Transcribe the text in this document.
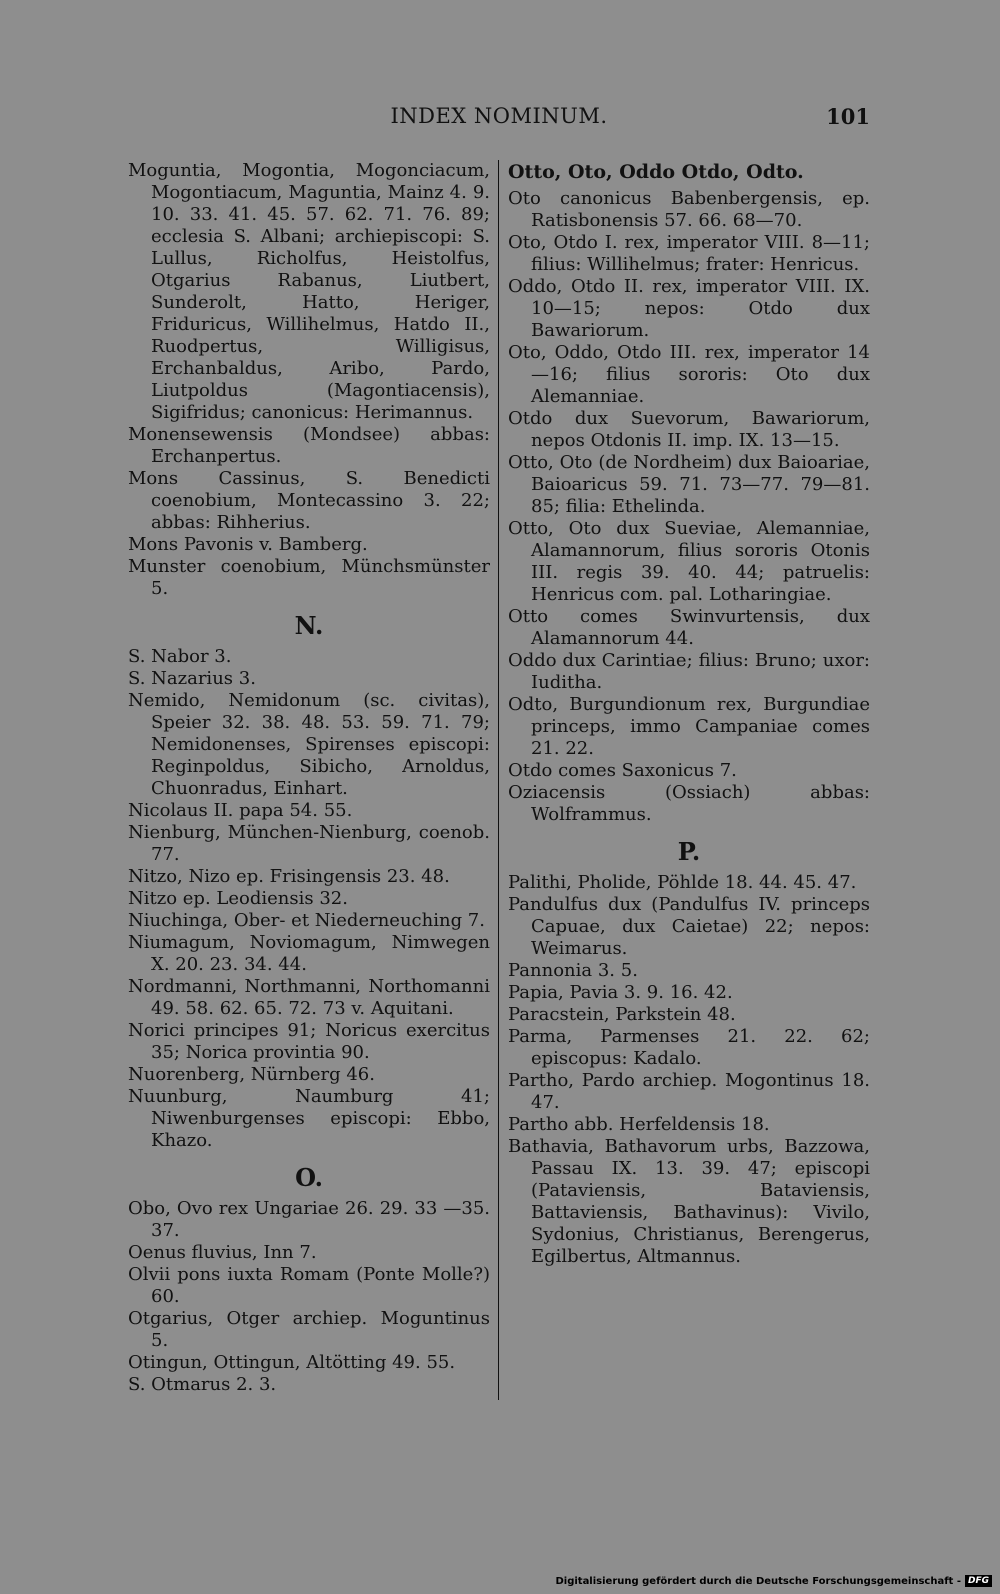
INDEX NOMINUM.	101

Moguntia, Mogontia, Mogonciacum, Mogontiacum, Maguntia, Mainz 4. 9. 10. 33. 41. 45. 57. 62. 71. 76. 89; ecclesia S. Albani; archiepiscopi: S. Lullus, Richolfus, Heistolfus, Otgarius Rabanus, Liutbert, Sunderolt, Hatto, Heriger, Friduricus, Willihelmus, Hatdo II., Ruodpertus, Willigisus, Erchanbaldus, Aribo, Pardo, Liutpoldus (Magontiacensis), Sigifridus; canonicus: Herimannus.

Monensewensis (Mondsee) abbas: Erchanpertus.

Mons Cassinus, S. Benedicti coenobium, Montecassino 3. 22; abbas: Rihherius.

Mons Pavonis v. Bamberg.

Munster coenobium, Münchsmünster 5.

N.

S. Nabor 3.

S. Nazarius 3.

Nemido, Nemidonum (sc. civitas), Speier 32. 38. 48. 53. 59. 71. 79; Nemidonenses, Spirenses episcopi: Reginpoldus, Sibicho, Arnoldus, Chuonradus, Einhart.

Nicolaus II. papa 54. 55.

Nienburg, München-Nienburg, coenob. 77.

Nitzo, Nizo ep. Frisingensis 23. 48.

Nitzo ep. Leodiensis 32.

Niuchinga, Ober- et Niederneuching 7.

Niumagum, Noviomagum, Nimwegen X. 20. 23. 34. 44.

Nordmanni, Northmanni, Northomanni 49. 58. 62. 65. 72. 73 v. Aquitani.

Norici principes 91; Noricus exercitus 35; Norica provintia 90.

Nuorenberg, Nürnberg 46.

Nuunburg, Naumburg 41; Niwenburgenses episcopi: Ebbo, Khazo.

O.

Obo, Ovo rex Ungariae 26. 29. 33 —35. 37.

Oenus fluvius, Inn 7.

Olvii pons iuxta Romam (Ponte Molle?) 60.

Otgarius, Otger archiep. Moguntinus 5.

Otingun, Ottingun, Altötting 49. 55.

S. Otmarus 2. 3.

Otto, Oto, Oddo Otdo, Odto.

Oto canonicus Babenbergensis, ep. Ratisbonensis 57. 66. 68—70.

Oto, Otdo I. rex, imperator VIII. 8—11; filius: Willihelmus; frater: Henricus.

Oddo, Otdo II. rex, imperator VIII. IX. 10—15; nepos: Otdo dux Bawariorum.

Oto, Oddo, Otdo III. rex, imperator 14—16; filius sororis: Oto dux Alemanniae.

Otdo dux Suevorum, Bawariorum, nepos Otdonis II. imp. IX. 13—15.

Otto, Oto (de Nordheim) dux Baioariae, Baioaricus 59. 71. 73—77. 79—81. 85; filia: Ethelinda.

Otto, Oto dux Sueviae, Alemanniae, Alamannorum, filius sororis Otonis III. regis 39. 40. 44; patruelis: Henricus com. pal. Lotharingiae.

Otto comes Swinvurtensis, dux Alamannorum 44.

Oddo dux Carintiae; filius: Bruno; uxor: Iuditha.

Odto, Burgundionum rex, Burgundiae princeps, immo Campaniae comes 21. 22.

Otdo comes Saxonicus 7.

Oziacensis (Ossiach) abbas: Wolframmus.

P.

Palithi, Pholide, Pöhlde 18. 44. 45. 47.

Pandulfus dux (Pandulfus IV. princeps Capuae, dux Caietae) 22; nepos: Weimarus.

Pannonia 3. 5.

Papia, Pavia 3. 9. 16. 42.

Paracstein, Parkstein 48.

Parma, Parmenses 21. 22. 62; episcopus: Kadalo.

Partho, Pardo archiep. Mogontinus 18. 47.

Partho abb. Herfeldensis 18.

Bathavia, Bathavorum urbs, Bazzowa, Passau IX. 13. 39. 47; episcopi (Pataviensis, Bataviensis, Battaviensis, Bathavinus): Vivilo, Sydonius, Christianus, Berengerus, Egilbertus, Altmannus.

Digitalisierung gefördert durch die Deutsche Forschungsgemeinschaft - DFG
